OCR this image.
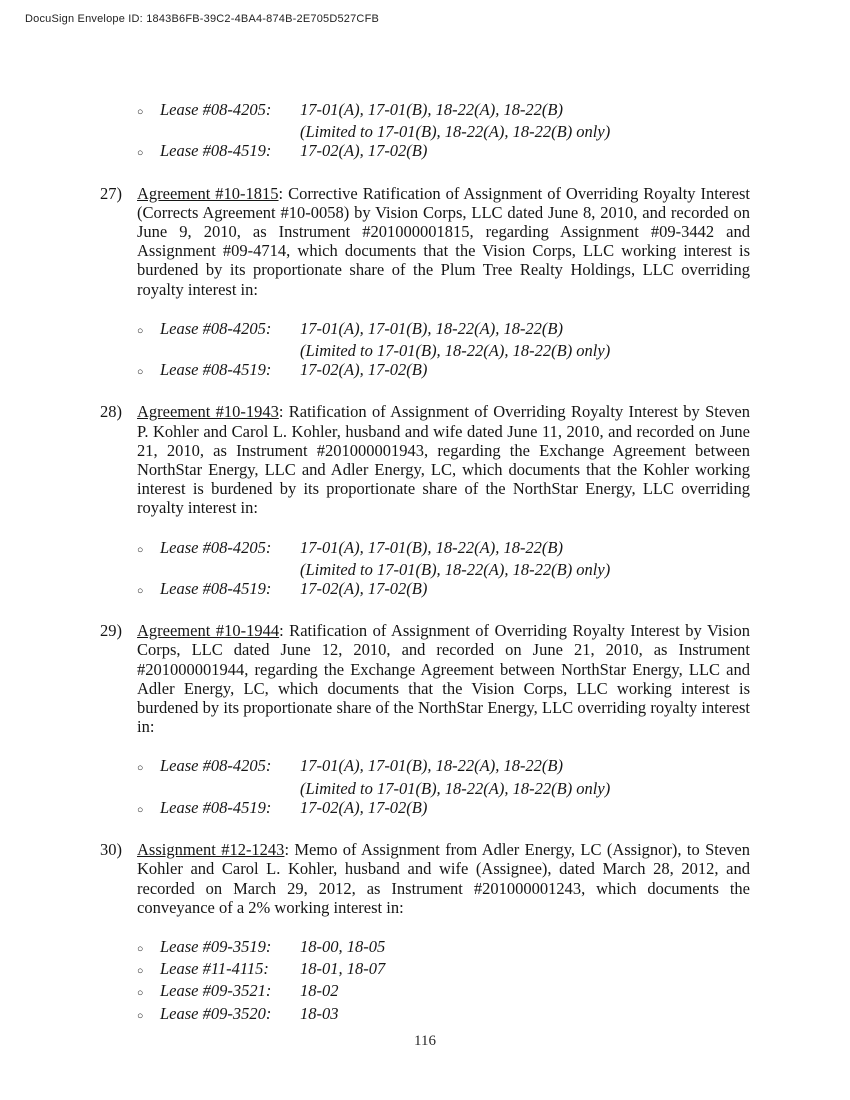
DocuSign Envelope ID: 1843B6FB-39C2-4BA4-874B-2E705D527CFB
○	Lease #08-4205:	17-01(A), 17-01(B), 18-22(A), 18-22(B)
(Limited to 17-01(B), 18-22(A), 18-22(B) only)
○	Lease #08-4519:	17-02(A), 17-02(B)
27) Agreement #10-1815: Corrective Ratification of Assignment of Overriding Royalty Interest (Corrects Agreement #10-0058) by Vision Corps, LLC dated June 8, 2010, and recorded on June 9, 2010, as Instrument #201000001815, regarding Assignment #09-3442 and Assignment #09-4714, which documents that the Vision Corps, LLC working interest is burdened by its proportionate share of the Plum Tree Realty Holdings, LLC overriding royalty interest in:
○	Lease #08-4205:	17-01(A), 17-01(B), 18-22(A), 18-22(B)
(Limited to 17-01(B), 18-22(A), 18-22(B) only)
○	Lease #08-4519:	17-02(A), 17-02(B)
28) Agreement #10-1943: Ratification of Assignment of Overriding Royalty Interest by Steven P. Kohler and Carol L. Kohler, husband and wife dated June 11, 2010, and recorded on June 21, 2010, as Instrument #201000001943, regarding the Exchange Agreement between NorthStar Energy, LLC and Adler Energy, LC, which documents that the Kohler working interest is burdened by its proportionate share of the NorthStar Energy, LLC overriding royalty interest in:
○	Lease #08-4205:	17-01(A), 17-01(B), 18-22(A), 18-22(B)
(Limited to 17-01(B), 18-22(A), 18-22(B) only)
○	Lease #08-4519:	17-02(A), 17-02(B)
29) Agreement #10-1944: Ratification of Assignment of Overriding Royalty Interest by Vision Corps, LLC dated June 12, 2010, and recorded on June 21, 2010, as Instrument #201000001944, regarding the Exchange Agreement between NorthStar Energy, LLC and Adler Energy, LC, which documents that the Vision Corps, LLC working interest is burdened by its proportionate share of the NorthStar Energy, LLC overriding royalty interest in:
○	Lease #08-4205:	17-01(A), 17-01(B), 18-22(A), 18-22(B)
(Limited to 17-01(B), 18-22(A), 18-22(B) only)
○	Lease #08-4519:	17-02(A), 17-02(B)
30) Assignment #12-1243: Memo of Assignment from Adler Energy, LC (Assignor), to Steven Kohler and Carol L. Kohler, husband and wife (Assignee), dated March 28, 2012, and recorded on March 29, 2012, as Instrument #201000001243, which documents the conveyance of a 2% working interest in:
○	Lease #09-3519:	18-00, 18-05
○	Lease #11-4115:	18-01, 18-07
○	Lease #09-3521:	18-02
○	Lease #09-3520:	18-03
116
